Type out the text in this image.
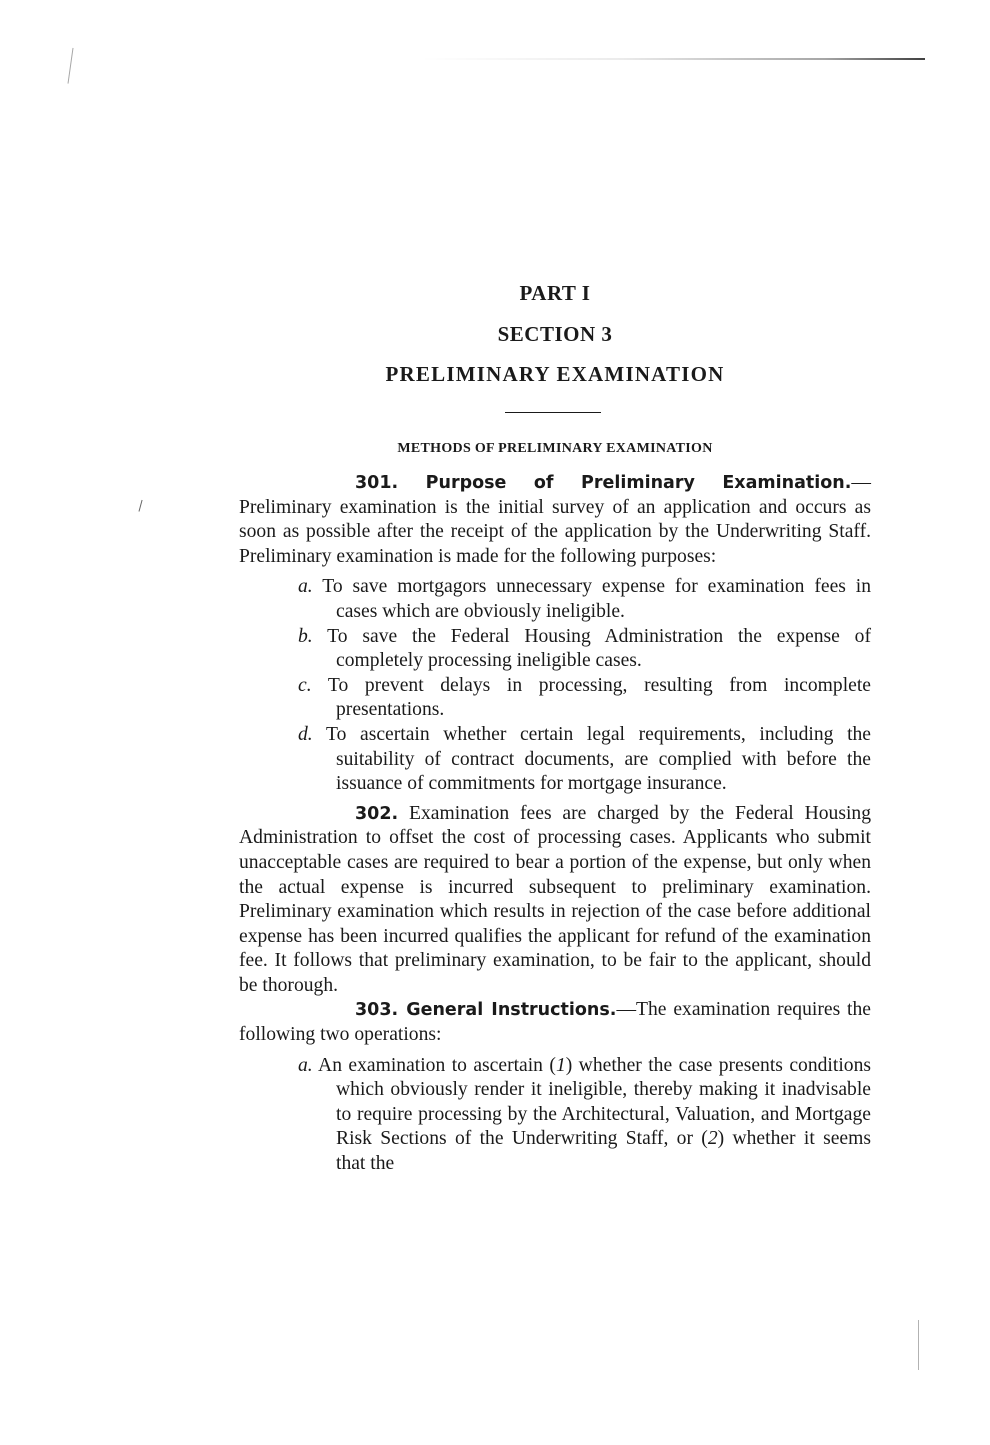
PART I
SECTION 3
PRELIMINARY EXAMINATION
METHODS OF PRELIMINARY EXAMINATION

301. Purpose of Preliminary Examination.—Preliminary examination is the initial survey of an application and occurs as soon as possible after the receipt of the application by the Underwriting Staff. Preliminary examination is made for the following purposes:

a. To save mortgagors unnecessary expense for examination fees in cases which are obviously ineligible.
b. To save the Federal Housing Administration the expense of completely processing ineligible cases.
c. To prevent delays in processing, resulting from incomplete presentations.
d. To ascertain whether certain legal requirements, including the suitability of contract documents, are complied with before the issuance of commitments for mortgage insurance.

302. Examination fees are charged by the Federal Housing Administration to offset the cost of processing cases. Applicants who submit unacceptable cases are required to bear a portion of the expense, but only when the actual expense is incurred subsequent to preliminary examination. Preliminary examination which results in rejection of the case before additional expense has been incurred qualifies the applicant for refund of the examination fee. It follows that preliminary examination, to be fair to the applicant, should be thorough.

303. General Instructions.—The examination requires the following two operations:

a. An examination to ascertain (1) whether the case presents conditions which obviously render it ineligible, thereby making it inadvisable to require processing by the Architectural, Valuation, and Mortgage Risk Sections of the Underwriting Staff, or (2) whether it seems that the
